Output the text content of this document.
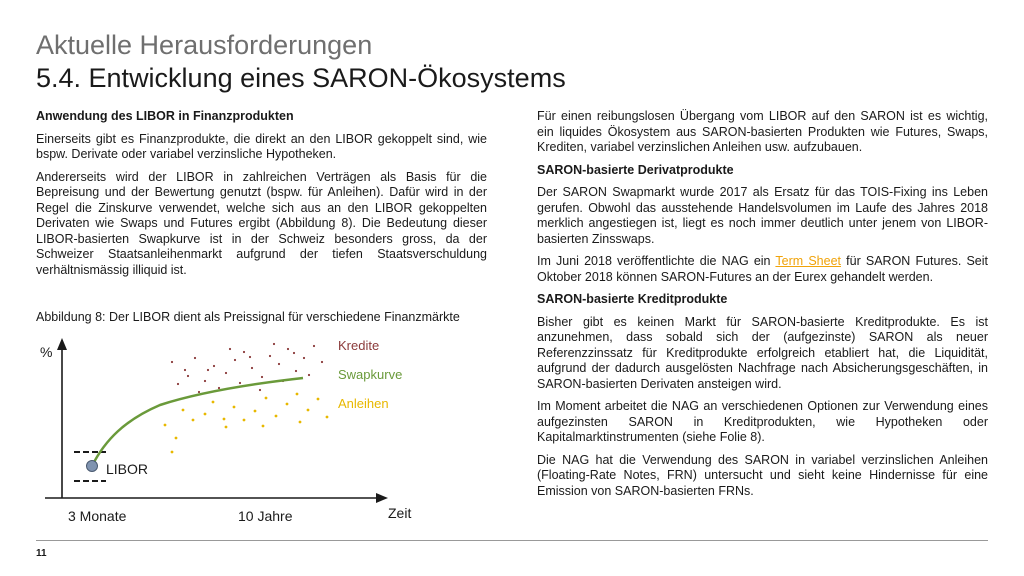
Aktuelle Herausforderungen
5.4. Entwicklung eines SARON-Ökosystems
Anwendung des LIBOR in Finanzprodukten

Einerseits gibt es Finanzprodukte, die direkt an den LIBOR gekoppelt sind, wie bspw. Derivate oder variabel verzinsliche Hypotheken.

Andererseits wird der LIBOR in zahlreichen Verträgen als Basis für die Bepreisung und der Bewertung genutzt (bspw. für Anleihen). Dafür wird in der Regel die Zinskurve verwendet, welche sich aus an den LIBOR gekoppelten Derivaten wie Swaps und Futures ergibt (Abbildung 8). Die Bedeutung dieser LIBOR-basierten Swapkurve ist in der Schweiz besonders gross, da der Schweizer Staatsanleihenmarkt aufgrund der tiefen Staatsverschuldung verhältnismässig illiquid ist.

Abbildung 8: Der LIBOR dient als Preissignal für verschiedene Finanzmärkte

Für einen reibungslosen Übergang vom LIBOR auf den SARON ist es wichtig, ein liquides Ökosystem aus SARON-basierten Produkten wie Futures, Swaps, Krediten, variabel verzinslichen Anleihen usw. aufzubauen.

SARON-basierte Derivatprodukte

Der SARON Swapmarkt wurde 2017 als Ersatz für das TOIS-Fixing ins Leben gerufen. Obwohl das ausstehende Handelsvolumen im Laufe des Jahres 2018 merklich angestiegen ist, liegt es noch immer deutlich unter jenem von LIBOR-basierten Zinsswaps.

Im Juni 2018 veröffentlichte die NAG ein Term Sheet für SARON Futures. Seit Oktober 2018 können SARON-Futures an der Eurex gehandelt werden.

SARON-basierte Kreditprodukte

Bisher gibt es keinen Markt für SARON-basierte Kreditprodukte. Es ist anzunehmen, dass sobald sich der (aufgezinste) SARON als neuer Referenzzinssatz für Kreditprodukte erfolgreich etabliert hat, die Liquidität, aufgrund der dadurch ausgelösten Nachfrage nach Absicherungsgeschäften, in SARON-basierten Derivaten ansteigen wird.

Im Moment arbeitet die NAG an verschiedenen Optionen zur Verwendung eines aufgezinsten SARON in Kreditprodukten, wie Hypotheken oder Kapitalmarktinstrumenten (siehe Folie 8).

Die NAG hat die Verwendung des SARON in variabel verzinslichen Anleihen (Floating-Rate Notes, FRN) untersucht und sieht keine Hindernisse für eine Emission von SARON-basierten FRNs.

%
Zeit
3 Monate	10 Jahre
LIBOR
Kredite
Swapkurve
Anleihen
11
